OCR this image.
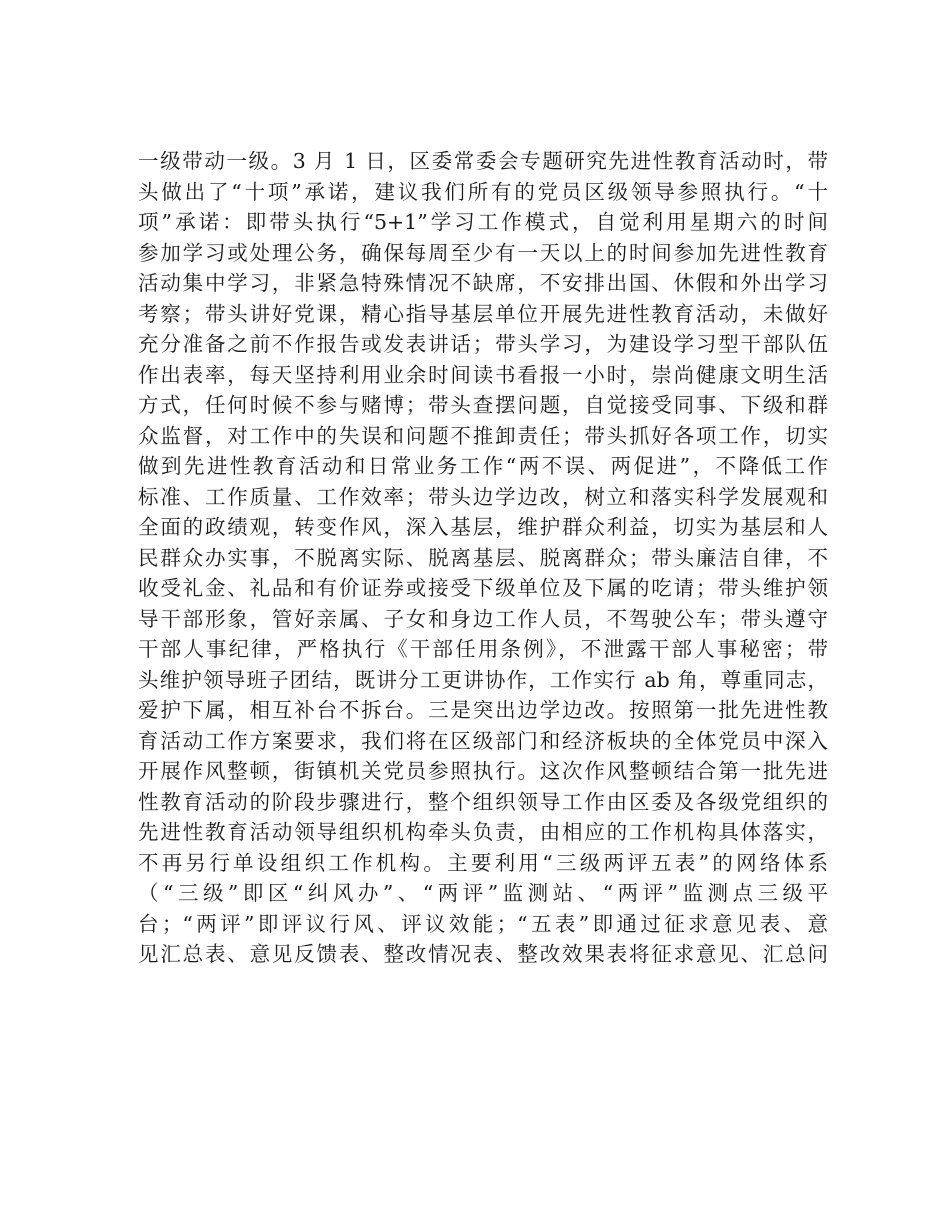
一级带动一级。3 月 1 日，区委常委会专题研究先进性教育活动时，带
头做出了“十项”承诺，建议我们所有的党员区级领导参照执行。“十
项”承诺：即带头执行“5+1”学习工作模式，自觉利用星期六的时间
参加学习或处理公务，确保每周至少有一天以上的时间参加先进性教育
活动集中学习，非紧急特殊情况不缺席，不安排出国、休假和外出学习
考察；带头讲好党课，精心指导基层单位开展先进性教育活动，未做好
充分准备之前不作报告或发表讲话；带头学习，为建设学习型干部队伍
作出表率，每天坚持利用业余时间读书看报一小时，崇尚健康文明生活
方式，任何时候不参与赌博；带头查摆问题，自觉接受同事、下级和群
众监督，对工作中的失误和问题不推卸责任；带头抓好各项工作，切实
做到先进性教育活动和日常业务工作“两不误、两促进”，不降低工作
标准、工作质量、工作效率；带头边学边改，树立和落实科学发展观和
全面的政绩观，转变作风，深入基层，维护群众利益，切实为基层和人
民群众办实事，不脱离实际、脱离基层、脱离群众；带头廉洁自律，不
收受礼金、礼品和有价证券或接受下级单位及下属的吃请；带头维护领
导干部形象，管好亲属、子女和身边工作人员，不驾驶公车；带头遵守
干部人事纪律，严格执行《干部任用条例》，不泄露干部人事秘密；带
头维护领导班子团结，既讲分工更讲协作，工作实行 ab 角，尊重同志，
爱护下属，相互补台不拆台。三是突出边学边改。按照第一批先进性教
育活动工作方案要求，我们将在区级部门和经济板块的全体党员中深入
开展作风整顿，街镇机关党员参照执行。这次作风整顿结合第一批先进
性教育活动的阶段步骤进行，整个组织领导工作由区委及各级党组织的
先进性教育活动领导组织机构牵头负责，由相应的工作机构具体落实，
不再另行单设组织工作机构。主要利用“三级两评五表”的网络体系
（“三级”即区“纠风办”、“两评”监测站、“两评”监测点三级平
台；“两评”即评议行风、评议效能；“五表”即通过征求意见表、意
见汇总表、意见反馈表、整改情况表、整改效果表将征求意见、汇总问
